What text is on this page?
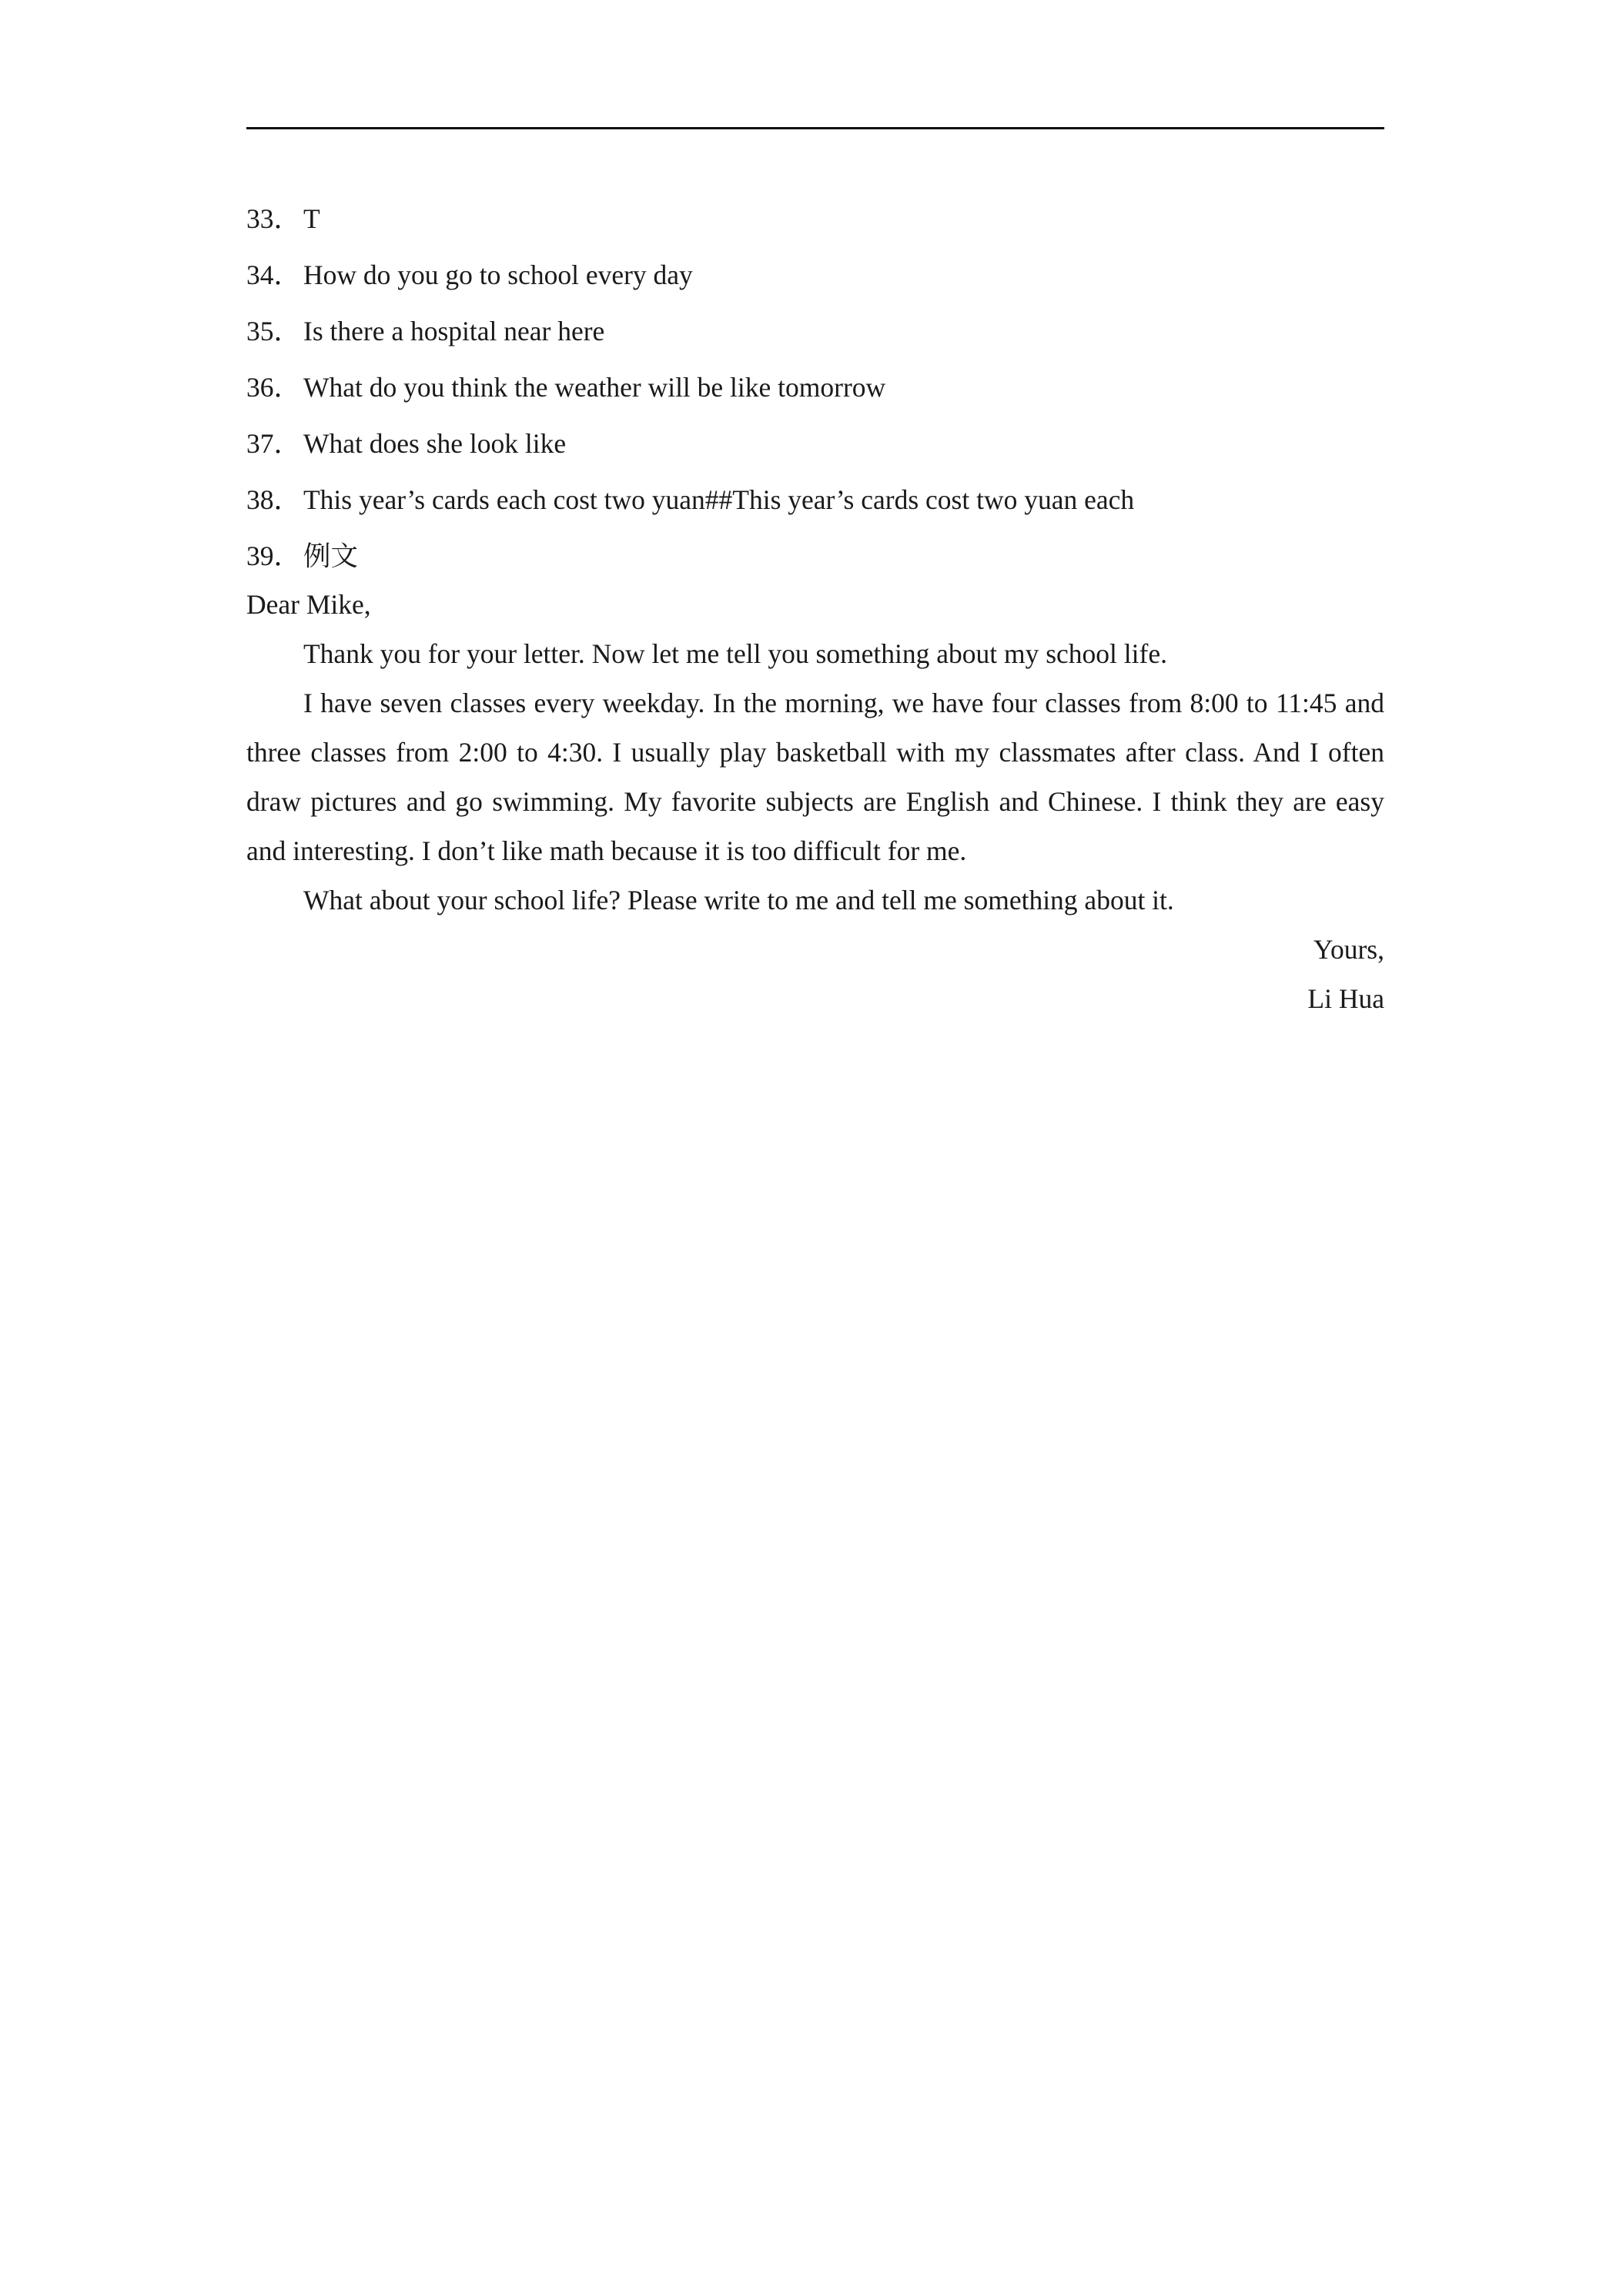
33．T
34．How do you go to school every day
35．Is there a hospital near here
36．What do you think the weather will be like tomorrow
37．What does she look like
38．This year’s cards each cost two yuan##This year’s cards cost two yuan each
39．例文

Dear Mike,

Thank you for your letter. Now let me tell you something about my school life.

I have seven classes every weekday. In the morning, we have four classes from 8:00 to 11:45 and three classes from 2:00 to 4:30. I usually play basketball with my classmates after class. And I often draw pictures and go swimming. My favorite subjects are English and Chinese. I think they are easy and interesting. I don’t like math because it is too difficult for me.

What about your school life? Please write to me and tell me something about it.

Yours,

Li Hua
